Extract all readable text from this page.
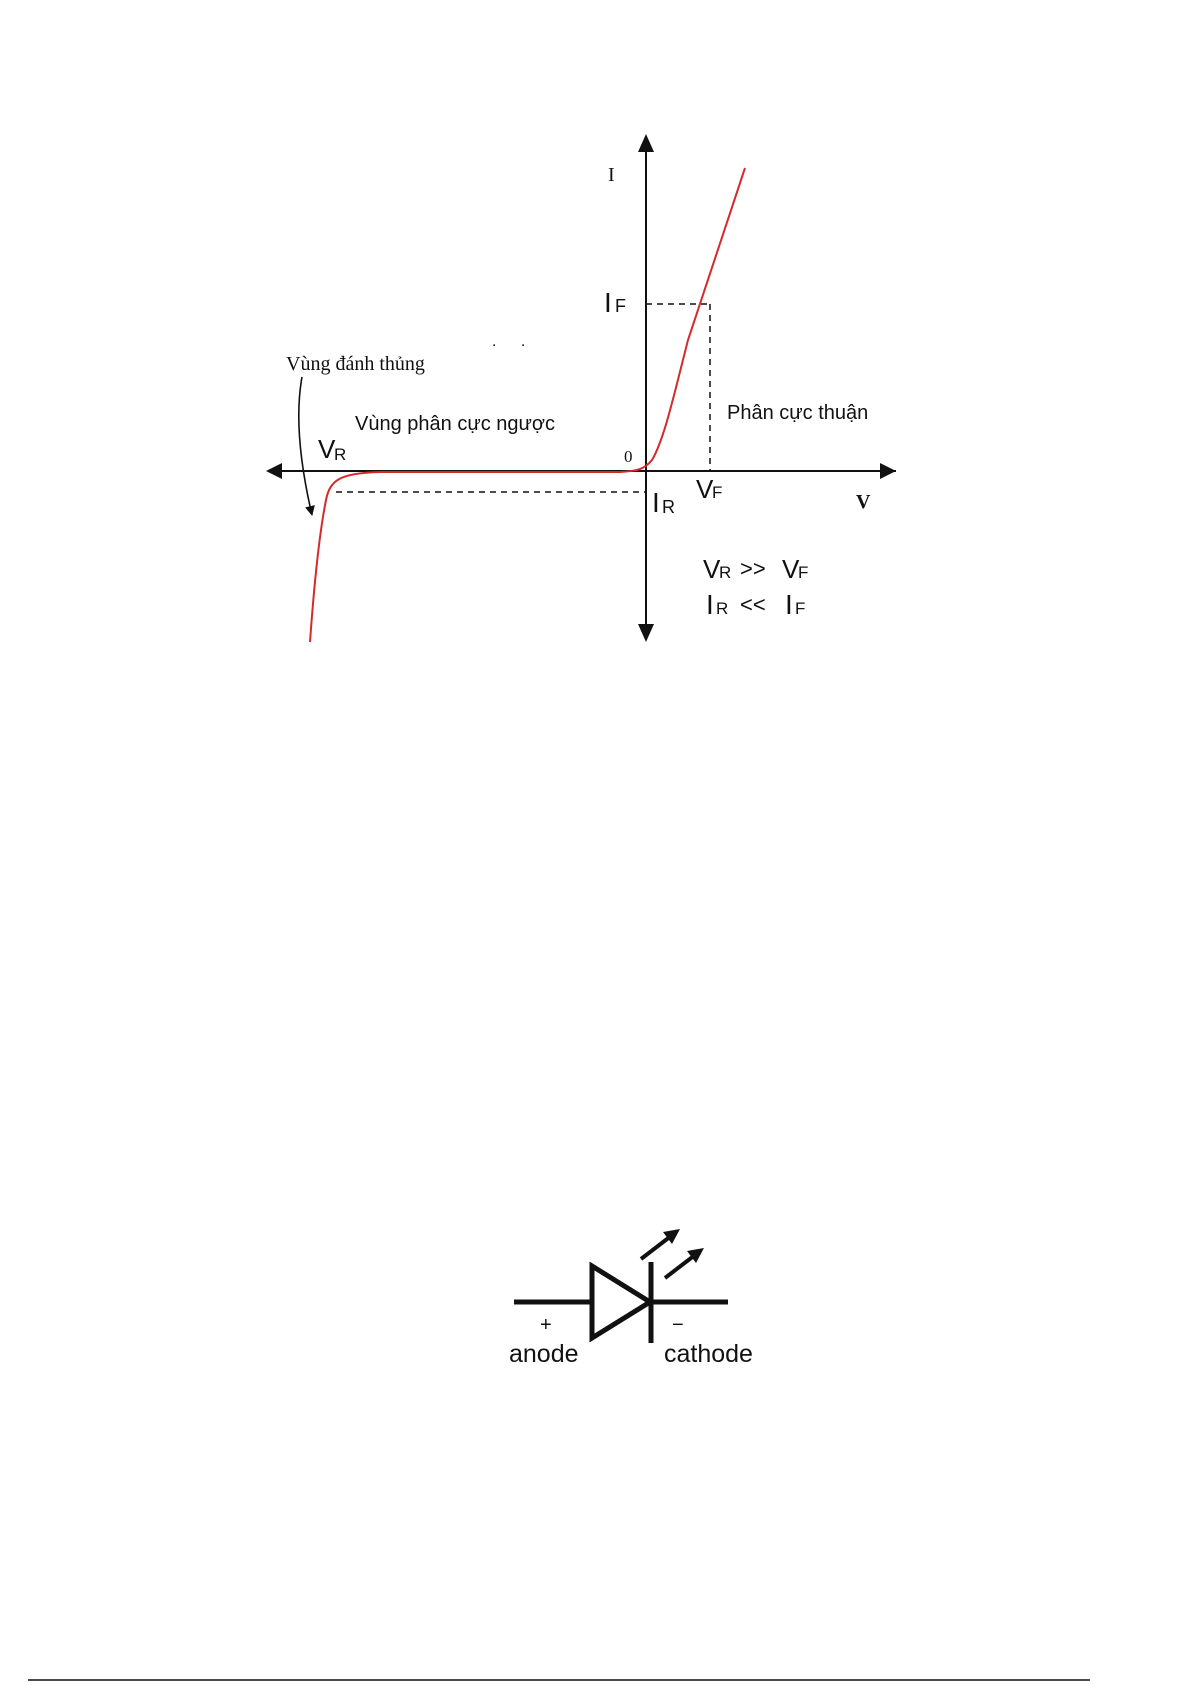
I
V
0
I F
V
F
V
R
I R
Vùng đánh thủng
Vùng phân cực ngược	Phân cực thuận
. .
V
R >> V
F
I R << I F
+	−
anode	cathode
